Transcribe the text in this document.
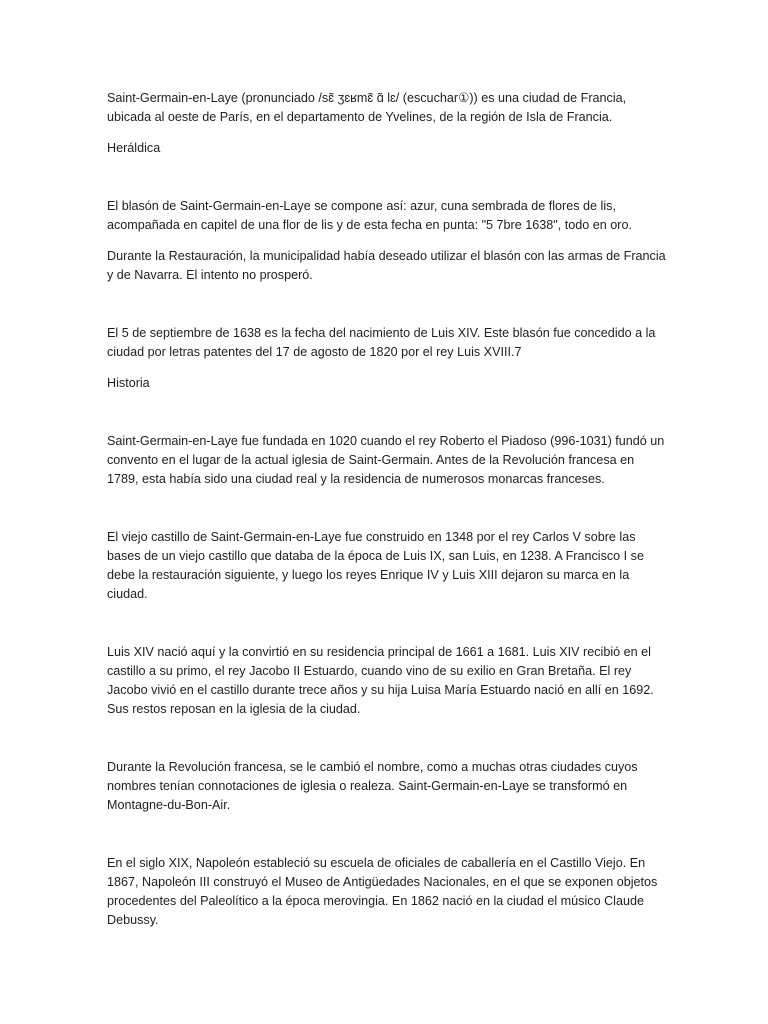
Saint-Germain-en-Laye (pronunciado /sɛ̃ ʒɛʁmɛ̃ ɑ̃ lɛ/ (escuchar①)) es una ciudad de Francia, ubicada al oeste de París, en el departamento de Yvelines, de la región de Isla de Francia.

Heráldica

El blasón de Saint-Germain-en-Laye se compone así: azur, cuna sembrada de flores de lis, acompañada en capitel de una flor de lis y de esta fecha en punta: "5 7bre 1638", todo en oro.

Durante la Restauración, la municipalidad había deseado utilizar el blasón con las armas de Francia y de Navarra. El intento no prosperó.

El 5 de septiembre de 1638 es la fecha del nacimiento de Luis XIV. Este blasón fue concedido a la ciudad por letras patentes del 17 de agosto de 1820 por el rey Luis XVIII.7

Historia

Saint-Germain-en-Laye fue fundada en 1020 cuando el rey Roberto el Piadoso (996-1031) fundó un convento en el lugar de la actual iglesia de Saint-Germain. Antes de la Revolución francesa en 1789, esta había sido una ciudad real y la residencia de numerosos monarcas franceses.

El viejo castillo de Saint-Germain-en-Laye fue construido en 1348 por el rey Carlos V sobre las bases de un viejo castillo que databa de la época de Luis IX, san Luis, en 1238. A Francisco I se debe la restauración siguiente, y luego los reyes Enrique IV y Luis XIII dejaron su marca en la ciudad.

Luis XIV nació aquí y la convirtió en su residencia principal de 1661 a 1681. Luis XIV recibió en el castillo a su primo, el rey Jacobo II Estuardo, cuando vino de su exilio en Gran Bretaña. El rey Jacobo vivió en el castillo durante trece años y su hija Luisa María Estuardo nació en allí en 1692. Sus restos reposan en la iglesia de la ciudad.

Durante la Revolución francesa, se le cambió el nombre, como a muchas otras ciudades cuyos nombres tenían connotaciones de iglesia o realeza. Saint-Germain-en-Laye se transformó en Montagne-du-Bon-Air.

En el siglo XIX, Napoleón estableció su escuela de oficiales de caballería en el Castillo Viejo. En 1867, Napoleón III construyó el Museo de Antigüedades Nacionales, en el que se exponen objetos procedentes del Paleolítico a la época merovingia. En 1862 nació en la ciudad el músico Claude Debussy.
